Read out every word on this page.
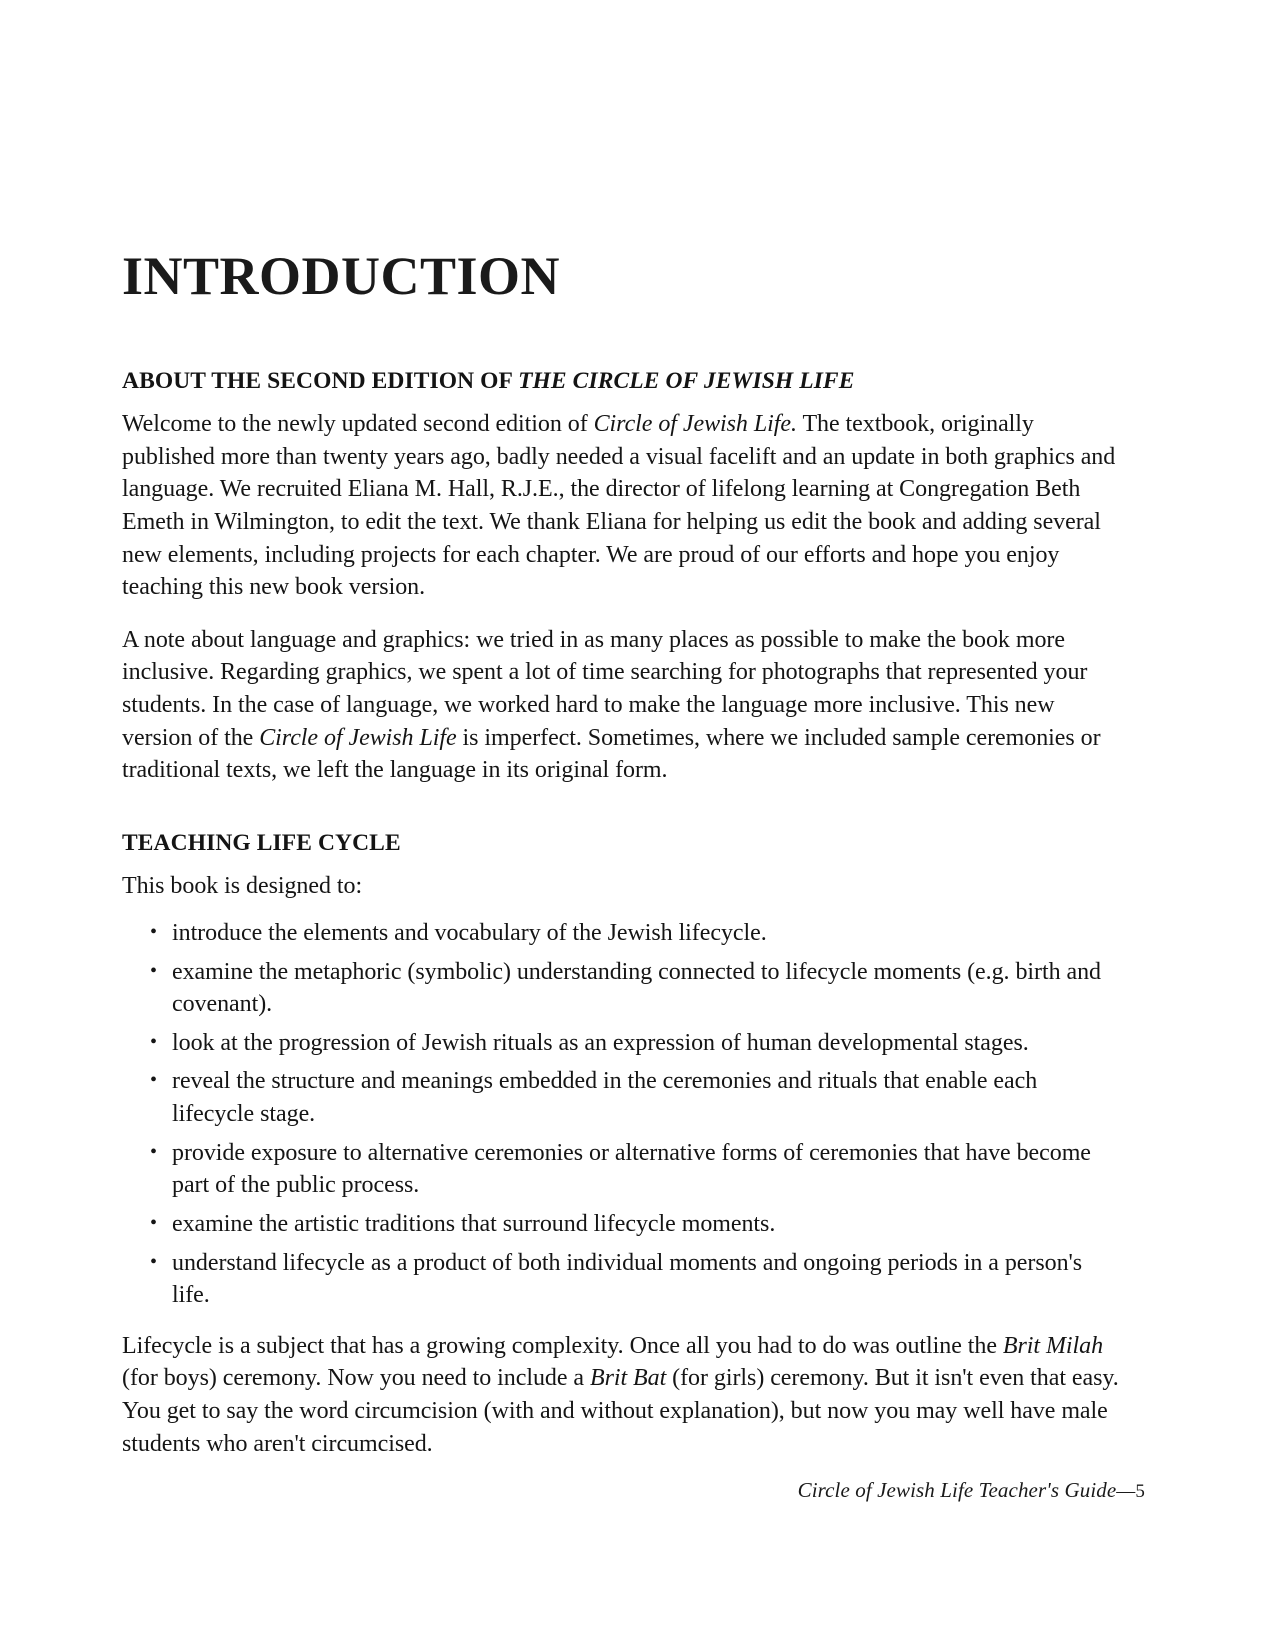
INTRODUCTION
ABOUT THE SECOND EDITION OF THE CIRCLE OF JEWISH LIFE

Welcome to the newly updated second edition of Circle of Jewish Life. The textbook, originally published more than twenty years ago, badly needed a visual facelift and an update in both graphics and language. We recruited Eliana M. Hall, R.J.E., the director of lifelong learning at Congregation Beth Emeth in Wilmington, to edit the text. We thank Eliana for helping us edit the book and adding several new elements, including projects for each chapter. We are proud of our efforts and hope you enjoy teaching this new book version.

A note about language and graphics: we tried in as many places as possible to make the book more inclusive. Regarding graphics, we spent a lot of time searching for photographs that represented your students. In the case of language, we worked hard to make the language more inclusive. This new version of the Circle of Jewish Life is imperfect. Sometimes, where we included sample ceremonies or traditional texts, we left the language in its original form.

TEACHING LIFE CYCLE

This book is designed to:

• introduce the elements and vocabulary of the Jewish lifecycle.
• examine the metaphoric (symbolic) understanding connected to lifecycle moments (e.g. birth and covenant).
• look at the progression of Jewish rituals as an expression of human developmental stages.
• reveal the structure and meanings embedded in the ceremonies and rituals that enable each lifecycle stage.
• provide exposure to alternative ceremonies or alternative forms of ceremonies that have become part of the public process.
• examine the artistic traditions that surround lifecycle moments.
• understand lifecycle as a product of both individual moments and ongoing periods in a person's life.

Lifecycle is a subject that has a growing complexity. Once all you had to do was outline the Brit Milah (for boys) ceremony. Now you need to include a Brit Bat (for girls) ceremony. But it isn't even that easy. You get to say the word circumcision (with and without explanation), but now you may well have male students who aren't circumcised.

Circle of Jewish Life Teacher's Guide—5
